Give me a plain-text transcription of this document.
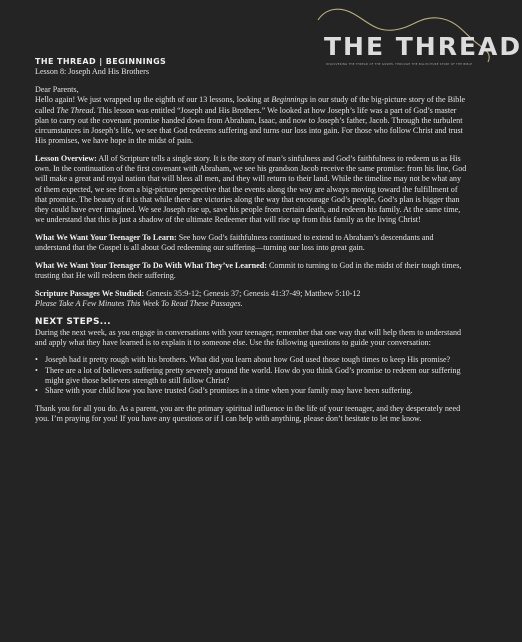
THE THREAD
DISCOVERING THE THREAD OF THE GOSPEL THROUGH THE BIG-PICTURE STORY OF THE BIBLE
THE THREAD | BEGINNINGS
Lesson 8: Joseph And His Brothers
Dear Parents,

Hello again! We just wrapped up the eighth of our 13 lessons, looking at Beginnings in our study of the big-picture story of the Bible called The Thread. This lesson was entitled “Joseph and His Brothers.” We looked at how Joseph’s life was a part of God’s master plan to carry out the covenant promise handed down from Abraham, Isaac, and now to Joseph’s father, Jacob. Through the turbulent circumstances in Joseph’s life, we see that God redeems suffering and turns our loss into gain. For those who follow Christ and trust His promises, we have hope in the midst of pain.

Lesson Overview: All of Scripture tells a single story. It is the story of man’s sinfulness and God’s faithfulness to redeem us as His own. In the continuation of the first covenant with Abraham, we see his grandson Jacob receive the same promise: from his line, God will make a great and royal nation that will bless all men, and they will return to their land. While the timeline may not be what any of them expected, we see from a big-picture perspective that the events along the way are always moving toward the fulfillment of that promise. The beauty of it is that while there are victories along the way that encourage God’s people, God’s plan is bigger than they could have ever imagined. We see Joseph rise up, save his people from certain death, and redeem his family. At the same time, we understand that this is just a shadow of the ultimate Redeemer that will rise up from this family as the living Christ!

What We Want Your Teenager To Learn: See how God’s faithfulness continued to extend to Abraham’s descendants and understand that the Gospel is all about God redeeming our suffering—turning our loss into great gain.

What We Want Your Teenager To Do With What They’ve Learned: Commit to turning to God in the midst of their tough times, trusting that He will redeem their suffering.

Scripture Passages We Studied: Genesis 35:9-12; Genesis 37; Genesis 41:37-49; Matthew 5:10-12
Please Take A Few Minutes This Week To Read These Passages.

NEXT STEPS...

During the next week, as you engage in conversations with your teenager, remember that one way that will help them to understand and apply what they have learned is to explain it to someone else. Use the following questions to guide your conversation:

• Joseph had it pretty rough with his brothers. What did you learn about how God used those tough times to keep His promise?
• There are a lot of believers suffering pretty severely around the world. How do you think God’s promise to redeem our suffering might give those believers strength to still follow Christ?
• Share with your child how you have trusted God’s promises in a time when your family may have been suffering.

Thank you for all you do. As a parent, you are the primary spiritual influence in the life of your teenager, and they desperately need you. I’m praying for you! If you have any questions or if I can help with anything, please don’t hesitate to let me know.
